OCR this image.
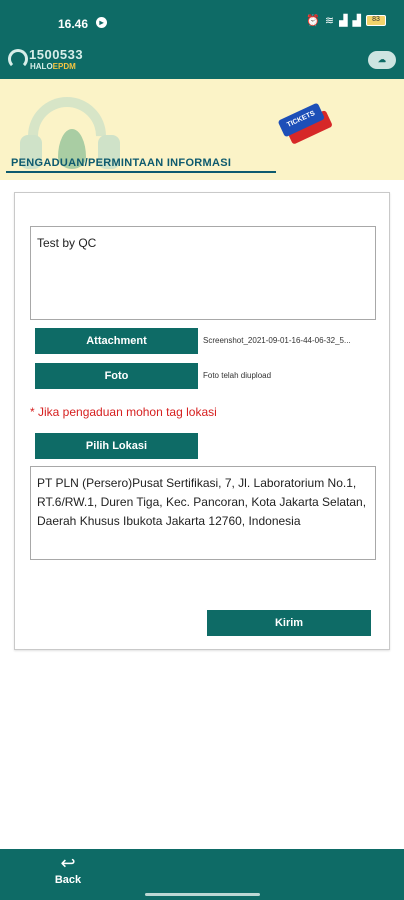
16.46	▸	⏰ ≋ ▟ ▟	83
1500533
HALOEPDM
☁
TICKETS
PENGADUAN/PERMINTAAN INFORMASI
Test by QC
Attachment	Screenshot_2021-09-01-16-44-06-32_5...
Foto	Foto telah diupload
* Jika pengaduan mohon tag lokasi
Pilih Lokasi
PT PLN (Persero)Pusat Sertifikasi, 7, Jl. Laboratorium No.1, RT.6/RW.1, Duren Tiga, Kec. Pancoran, Kota Jakarta Selatan, Daerah Khusus Ibukota Jakarta 12760, Indonesia
Kirim
↩
Back
